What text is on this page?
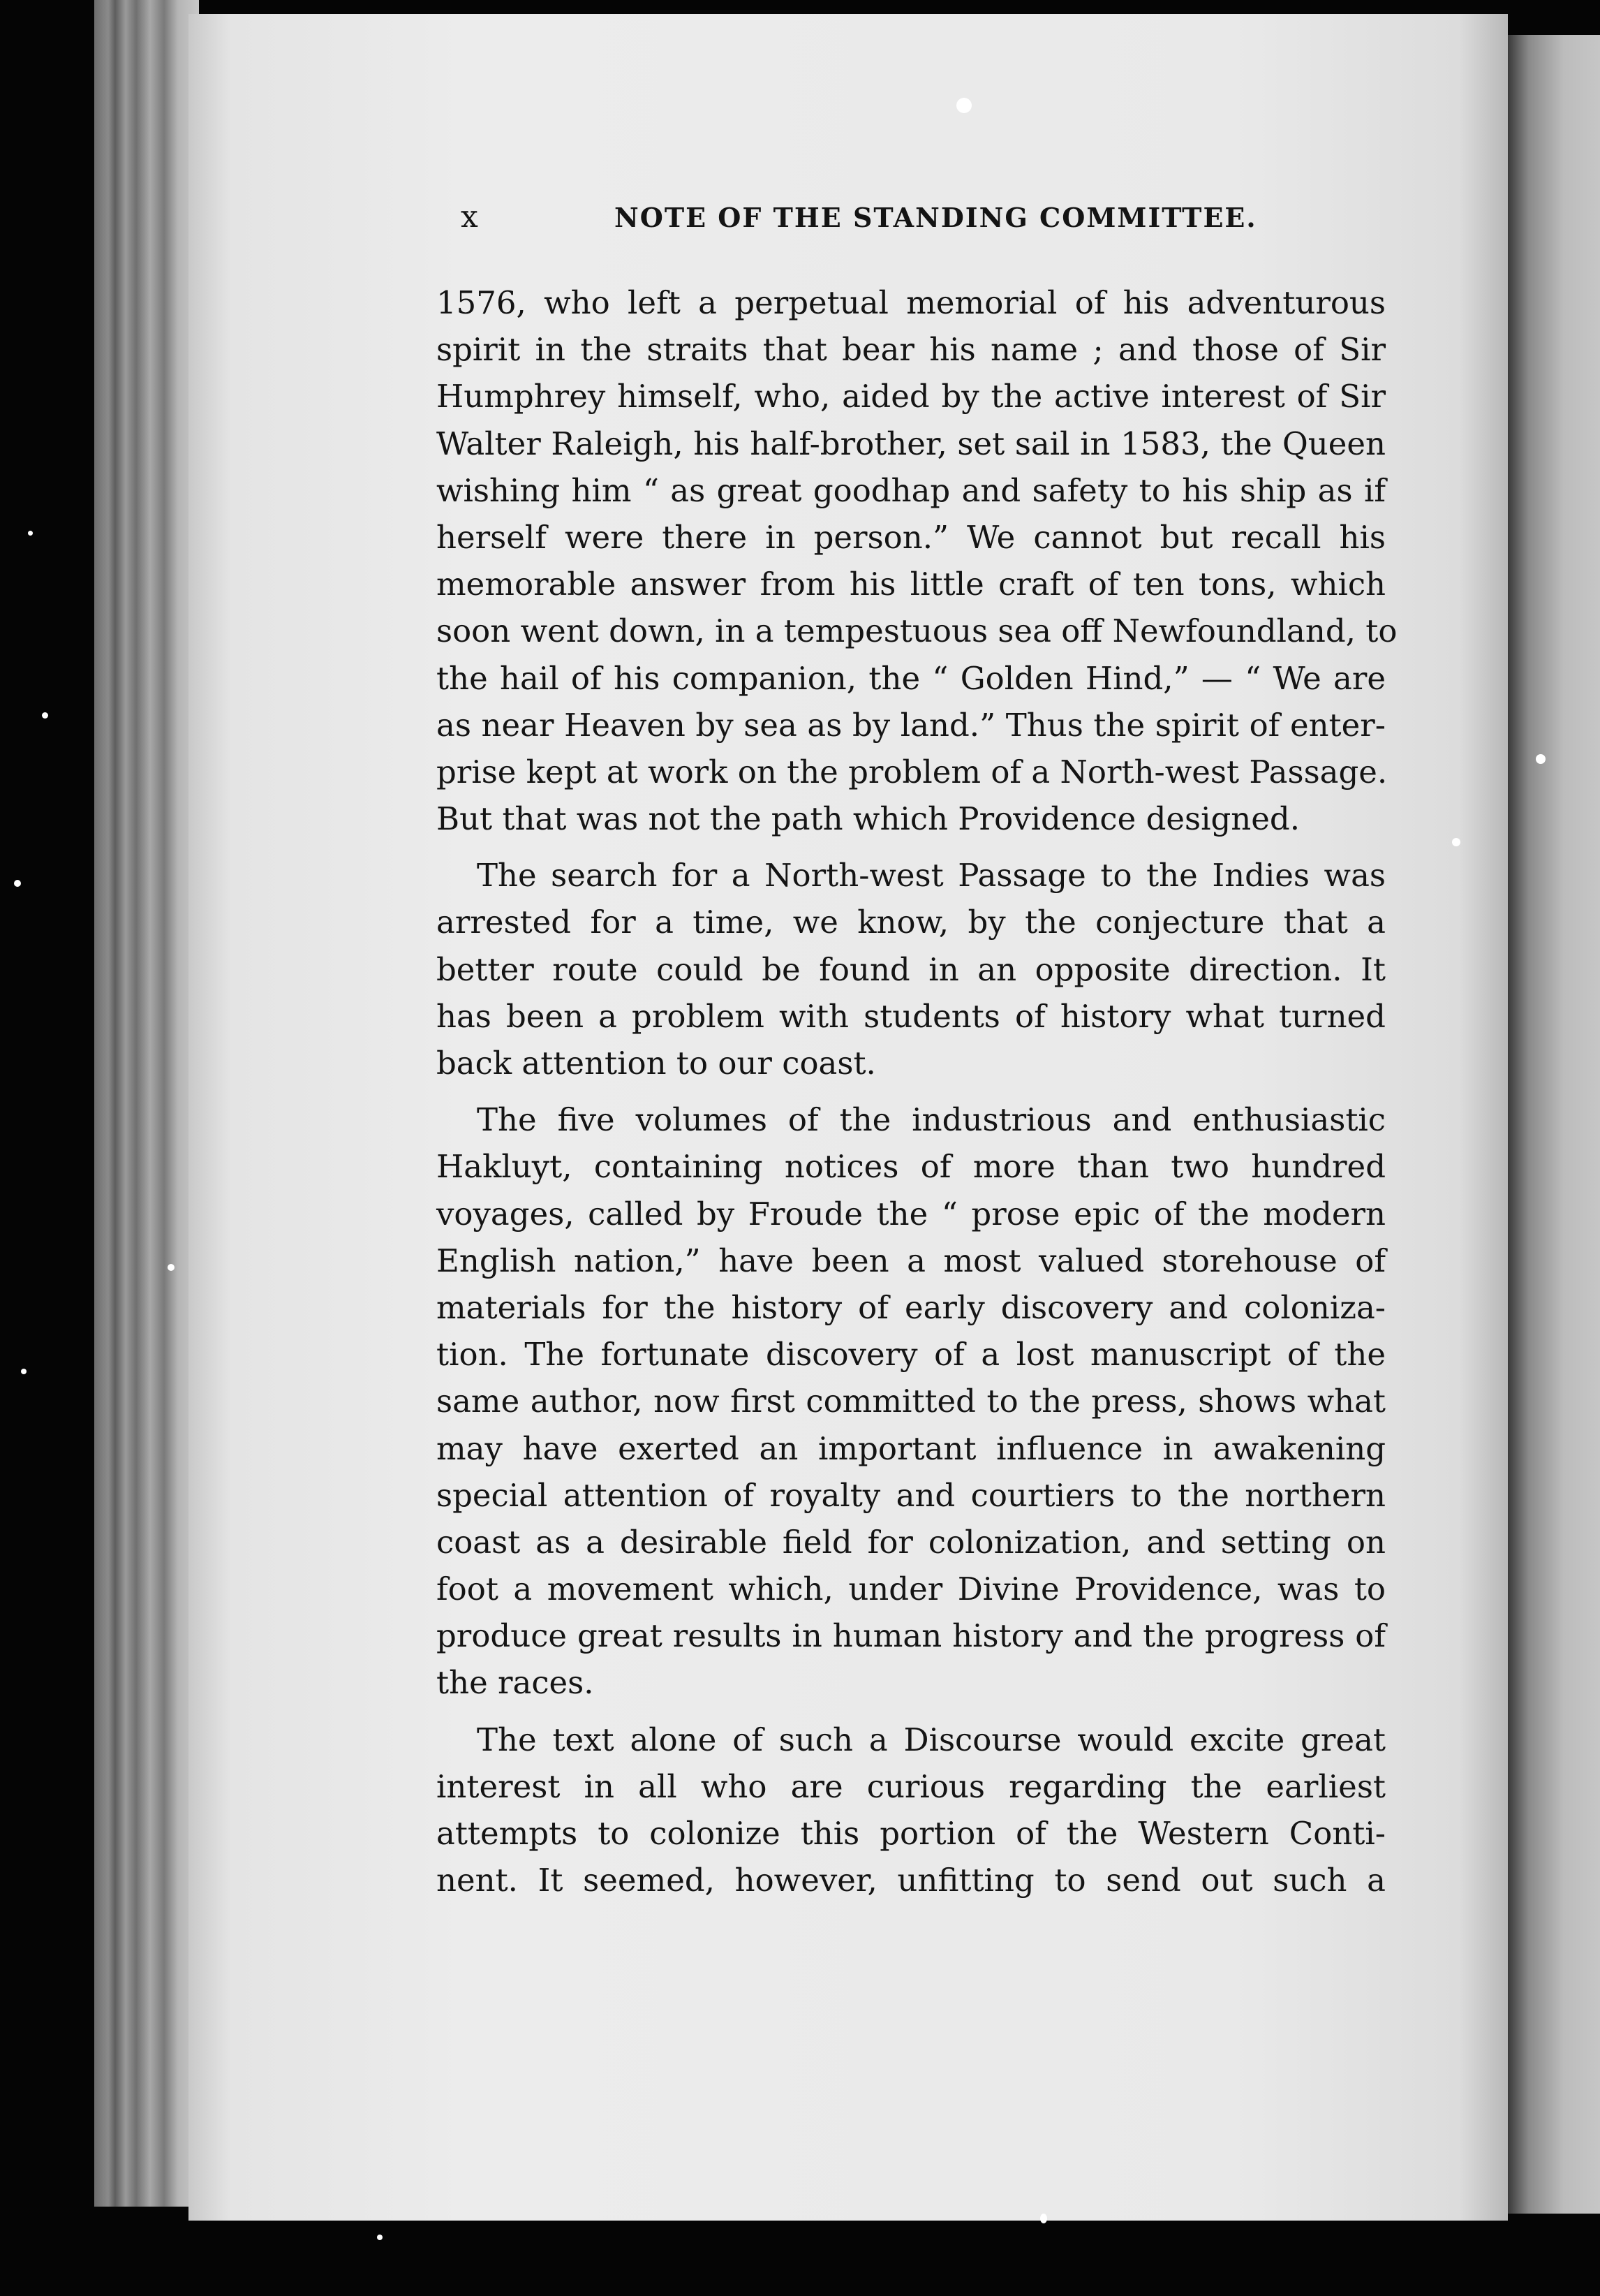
x	NOTE OF THE STANDING COMMITTEE.
1576, who left a perpetual memorial of his adventurous
spirit in the straits that bear his name ; and those of Sir
Humphrey himself, who, aided by the active interest of Sir
Walter Raleigh, his half-brother, set sail in 1583, the Queen
wishing him “ as great goodhap and safety to his ship as if
herself were there in person.” We cannot but recall his
memorable answer from his little craft of ten tons, which
soon went down, in a tempestuous sea off Newfoundland, to
the hail of his companion, the “ Golden Hind,” — “ We are
as near Heaven by sea as by land.” Thus the spirit of enter-
prise kept at work on the problem of a North-west Passage.
But that was not the path which Providence designed.
The search for a North-west Passage to the Indies was
arrested for a time, we know, by the conjecture that a
better route could be found in an opposite direction. It
has been a problem with students of history what turned
back attention to our coast.
The five volumes of the industrious and enthusiastic
Hakluyt, containing notices of more than two hundred
voyages, called by Froude the “ prose epic of the modern
English nation,” have been a most valued storehouse of
materials for the history of early discovery and coloniza-
tion. The fortunate discovery of a lost manuscript of the
same author, now first committed to the press, shows what
may have exerted an important influence in awakening
special attention of royalty and courtiers to the northern
coast as a desirable field for colonization, and setting on
foot a movement which, under Divine Providence, was to
produce great results in human history and the progress of
the races.
The text alone of such a Discourse would excite great
interest in all who are curious regarding the earliest
attempts to colonize this portion of the Western Conti-
nent. It seemed, however, unfitting to send out such a
